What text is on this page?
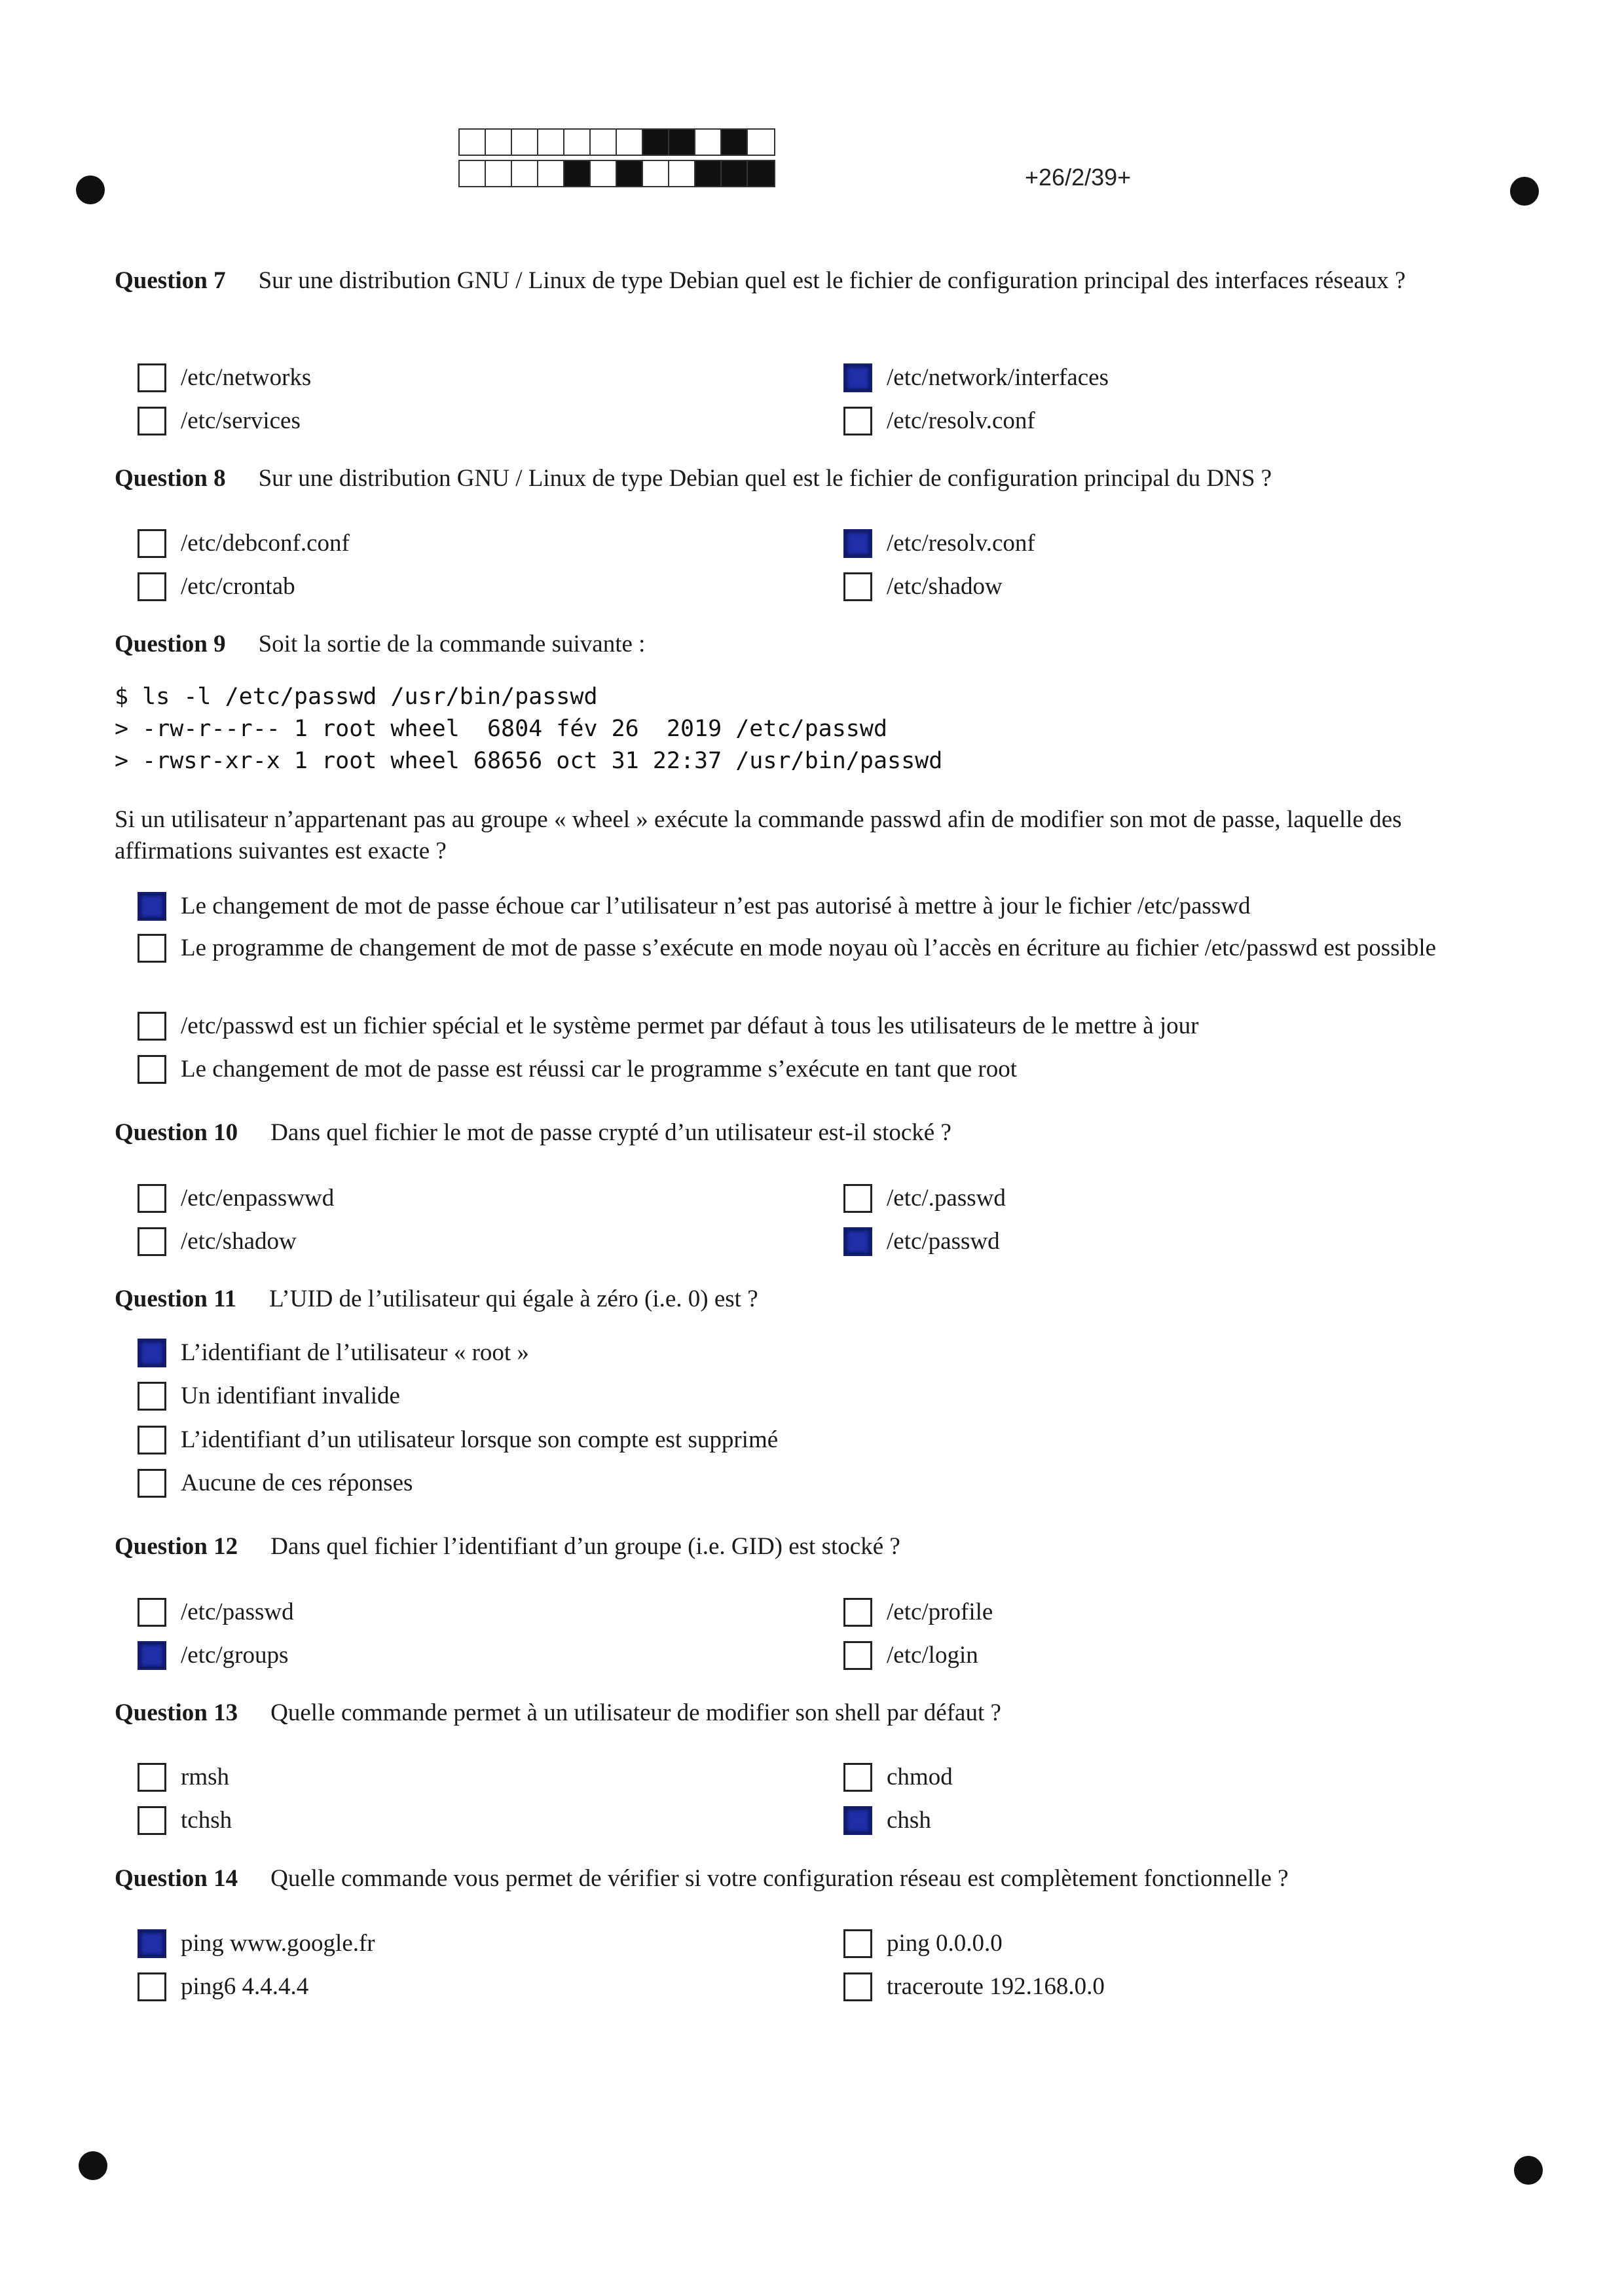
+26/2/39+
Question 7 Sur une distribution GNU / Linux de type Debian quel est le fichier de configuration principal des interfaces réseaux ?
/etc/networks	/etc/network/interfaces
/etc/services	/etc/resolv.conf
Question 8 Sur une distribution GNU / Linux de type Debian quel est le fichier de configuration principal du DNS ?
/etc/debconf.conf	/etc/resolv.conf
/etc/crontab	/etc/shadow
Question 9 Soit la sortie de la commande suivante :
$ ls -l /etc/passwd /usr/bin/passwd
> -rw-r--r-- 1 root wheel  6804 fév 26  2019 /etc/passwd
> -rwsr-xr-x 1 root wheel 68656 oct 31 22:37 /usr/bin/passwd
Si un utilisateur n’appartenant pas au groupe « wheel » exécute la commande passwd afin de modifier son mot de passe, laquelle des affirmations suivantes est exacte ?
Le changement de mot de passe échoue car l’utilisateur n’est pas autorisé à mettre à jour le fichier /etc/passwd
Le programme de changement de mot de passe s’exécute en mode noyau où l’accès en écriture au fichier /etc/passwd est possible
/etc/passwd est un fichier spécial et le système permet par défaut à tous les utilisateurs de le mettre à jour
Le changement de mot de passe est réussi car le programme s’exécute en tant que root
Question 10 Dans quel fichier le mot de passe crypté d’un utilisateur est-il stocké ?
/etc/enpasswwd	/etc/.passwd
/etc/shadow	/etc/passwd
Question 11 L’UID de l’utilisateur qui égale à zéro (i.e. 0) est ?
L’identifiant de l’utilisateur « root »
Un identifiant invalide
L’identifiant d’un utilisateur lorsque son compte est supprimé
Aucune de ces réponses
Question 12 Dans quel fichier l’identifiant d’un groupe (i.e. GID) est stocké ?
/etc/passwd	/etc/profile
/etc/groups	/etc/login
Question 13 Quelle commande permet à un utilisateur de modifier son shell par défaut ?
rmsh	chmod
tchsh	chsh
Question 14 Quelle commande vous permet de vérifier si votre configuration réseau est complètement fonctionnelle ?
ping www.google.fr	ping 0.0.0.0
ping6 4.4.4.4	traceroute 192.168.0.0
